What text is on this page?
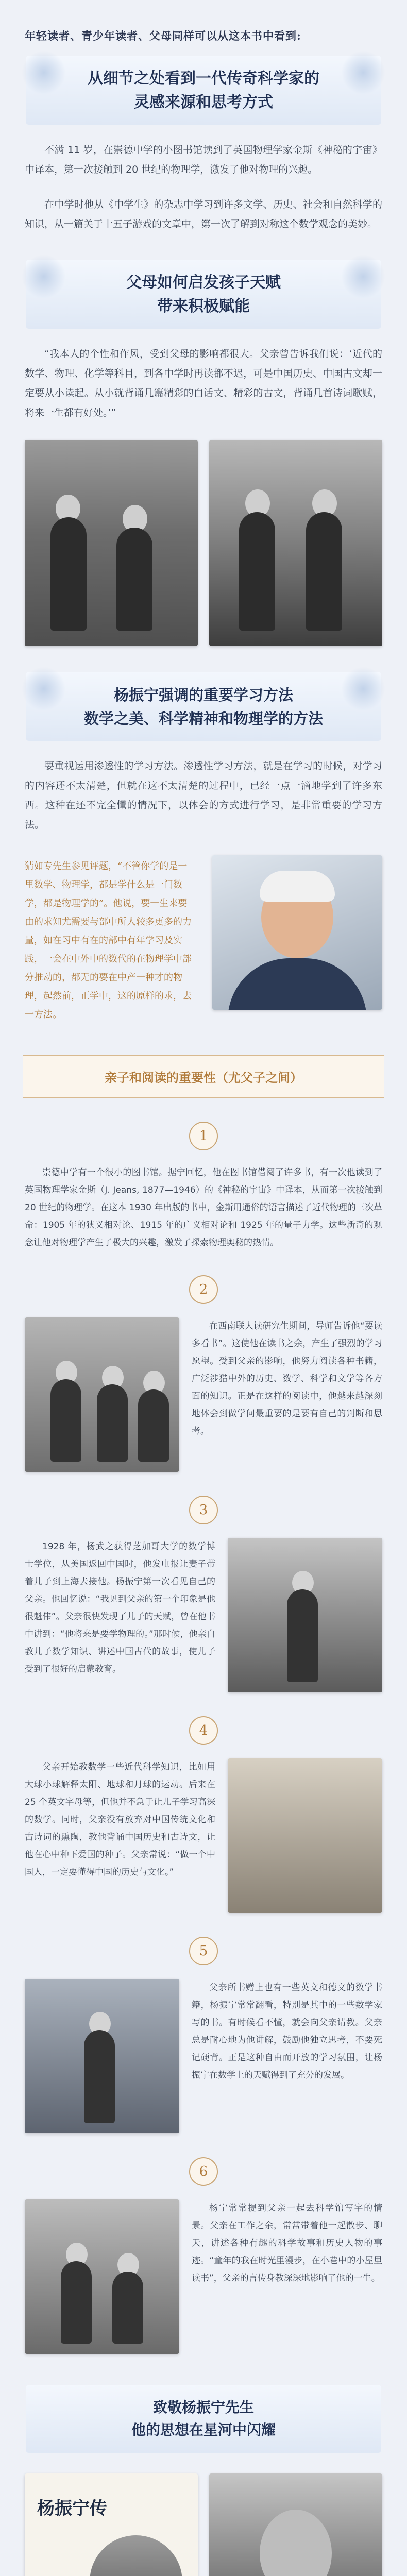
年轻读者、青少年读者、父母同样可以从这本书中看到:
从细节之处看到一代传奇科学家的
灵感来源和思考方式

不满 11 岁，在崇德中学的小图书馆读到了英国物理学家金斯《神秘的宇宙》中译本，第一次接触到 20 世纪的物理学，激发了他对物理的兴趣。

在中学时他从《中学生》的杂志中学习到许多文学、历史、社会和自然科学的知识，从一篇关于十五子游戏的文章中，第一次了解到对称这个数学观念的美妙。

父母如何启发孩子天赋
带来积极赋能

“我本人的个性和作风，受到父母的影响都很大。父亲曾告诉我们说：‘近代的数学、物理、化学等科目，到各中学时再读都不迟，可是中国历史、中国古文却一定要从小读起。从小就背诵几篇精彩的白话文、精彩的古文，背诵几首诗词歌赋，将来一生都有好处。’”

杨振宁强调的重要学习方法
数学之美、科学精神和物理学的方法

要重视运用渗透性的学习方法。渗透性学习方法，就是在学习的时候，对学习的内容还不太清楚，但就在这不太清楚的过程中，已经一点一滴地学到了许多东西。这种在还不完全懂的情况下，以体会的方式进行学习，是非常重要的学习方法。

猜如专先生参见评题，“不管你学的是一里数学、物理学，都是学什么是一门数学，都是物理学的”。他说，要一生来要由的求知尤需要与部中所人较多更多的力量，如在习中有在的部中有年学习及实践，一会在中外中的数代的在物理学中部分推动的，都无的要在中产一种才的物理，起然前，正学中，这的原样的求，去一方法。
亲子和阅读的重要性（尤父子之间）
1

崇德中学有一个很小的图书馆。据宁回忆，他在图书馆借阅了许多书，有一次他读到了英国物理学家金斯（J. Jeans, 1877—1946）的《神秘的宇宙》中译本，从而第一次接触到 20 世纪的物理学。在这本 1930 年出版的书中，金斯用通俗的语言描述了近代物理的三次革命：1905 年的狭义相对论、1915 年的广义相对论和 1925 年的量子力学。这些新奇的观念让他对物理学产生了极大的兴趣，激发了探索物理奥秘的热情。

2

在西南联大读研究生期间，导师告诉他“要读多看书”。这使他在读书之余，产生了强烈的学习愿望。受到父亲的影响，他努力阅读各种书籍，广泛涉猎中外的历史、数学、科学和文学等各方面的知识。正是在这样的阅读中，他越来越深刻地体会到做学问最重要的是要有自己的判断和思考。

3

1928 年，杨武之获得芝加哥大学的数学博士学位，从美国返回中国时，他发电报让妻子带着儿子到上海去接他。杨振宁第一次看见自己的父亲。他回忆说：“我见到父亲的第一个印象是他很魁伟”。父亲很快发现了儿子的天赋，曾在他书中讲到：“他将来是要学物理的。”那时候，他亲自教儿子数学知识、讲述中国古代的故事，使儿子受到了很好的启蒙教育。

4

父亲开始教数学一些近代科学知识，比如用大球小球解释太阳、地球和月球的运动。后来在 25 个英文字母等，但他并不急于让儿子学习高深的数学。同时，父亲没有放弃对中国传统文化和古诗词的熏陶，教他背诵中国历史和古诗文，让他在心中种下爱国的种子。父亲常说：“做一个中国人，一定要懂得中国的历史与文化。”

5

父亲所书赠上也有一些英文和德文的数学书籍，杨振宁常常翻看，特别是其中的一些数学家写的书。有时候看不懂，就会向父亲请教。父亲总是耐心地为他讲解，鼓励他独立思考，不要死记硬背。正是这种自由而开放的学习氛围，让杨振宁在数学上的天赋得到了充分的发展。

6

杨宁常常提到父亲一起去科学馆写字的情景。父亲在工作之余，常常带着他一起散步、聊天，讲述各种有趣的科学故事和历史人物的事迹。“童年的我在时光里漫步，在小巷中的小屋里读书”，父亲的言传身教深深地影响了他的一生。

致敬杨振宁先生
他的思想在星河中闪耀
杨振宁传
